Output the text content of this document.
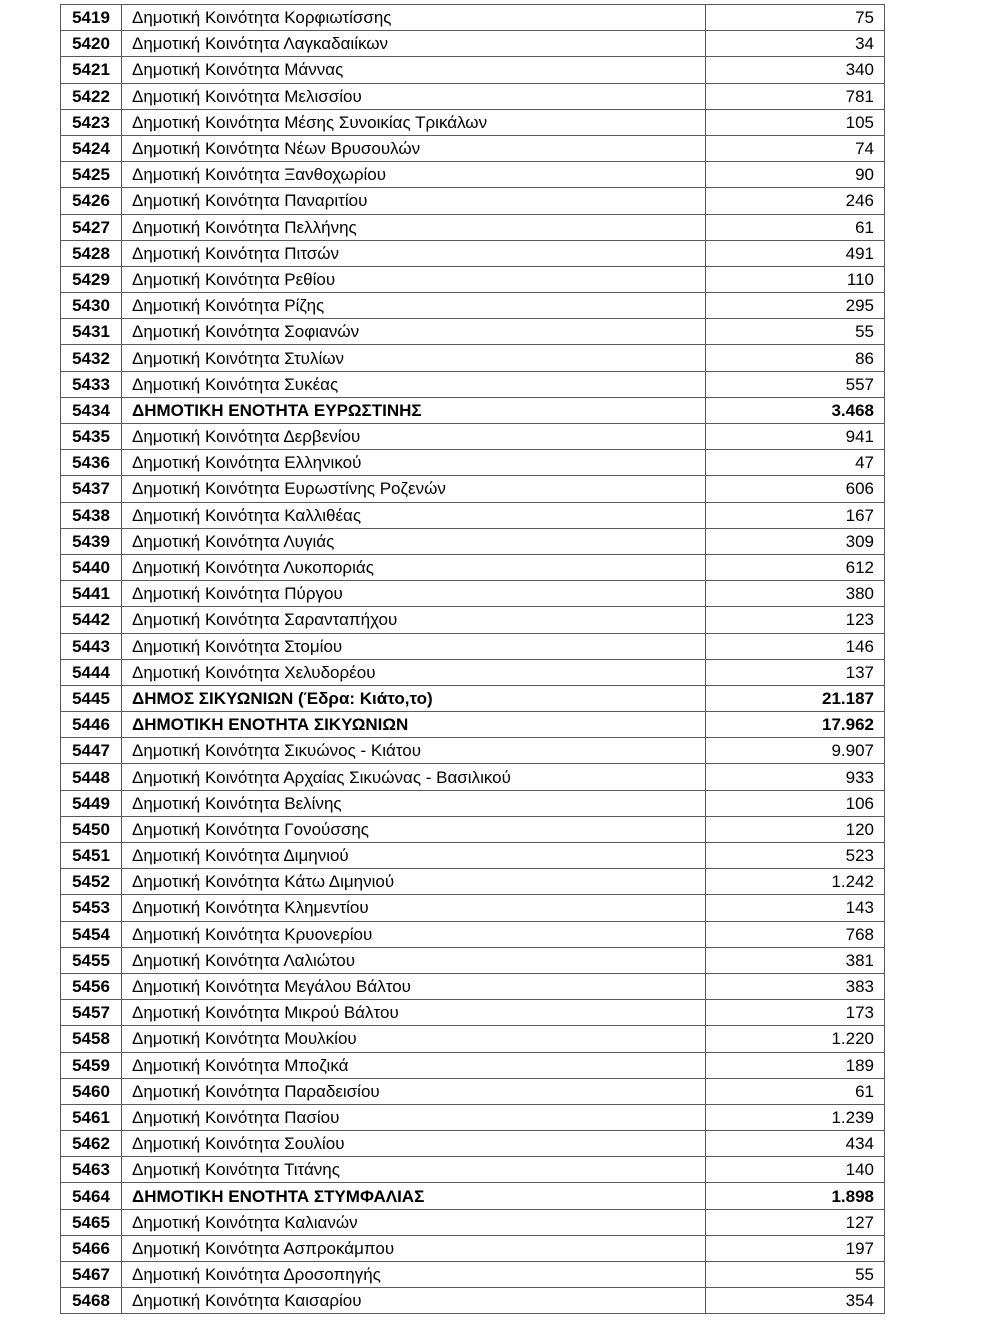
5419	Δημοτική Κοινότητα Κορφιωτίσσης	75
5420	Δημοτική Κοινότητα Λαγκαδαιίκων	34
5421	Δημοτική Κοινότητα Μάννας	340
5422	Δημοτική Κοινότητα Μελισσίου	781
5423	Δημοτική Κοινότητα Μέσης Συνοικίας Τρικάλων	105
5424	Δημοτική Κοινότητα Νέων Βρυσουλών	74
5425	Δημοτική Κοινότητα Ξανθοχωρίου	90
5426	Δημοτική Κοινότητα Παναριτίου	246
5427	Δημοτική Κοινότητα Πελλήνης	61
5428	Δημοτική Κοινότητα Πιτσών	491
5429	Δημοτική Κοινότητα Ρεθίου	110
5430	Δημοτική Κοινότητα Ρίζης	295
5431	Δημοτική Κοινότητα Σοφιανών	55
5432	Δημοτική Κοινότητα Στυλίων	86
5433	Δημοτική Κοινότητα Συκέας	557
5434	ΔΗΜΟΤΙΚΗ ΕΝΟΤΗΤΑ ΕΥΡΩΣΤΙΝΗΣ	3.468
5435	Δημοτική Κοινότητα Δερβενίου	941
5436	Δημοτική Κοινότητα Ελληνικού	47
5437	Δημοτική Κοινότητα Ευρωστίνης Ροζενών	606
5438	Δημοτική Κοινότητα Καλλιθέας	167
5439	Δημοτική Κοινότητα Λυγιάς	309
5440	Δημοτική Κοινότητα Λυκοποριάς	612
5441	Δημοτική Κοινότητα Πύργου	380
5442	Δημοτική Κοινότητα Σαρανταπήχου	123
5443	Δημοτική Κοινότητα Στομίου	146
5444	Δημοτική Κοινότητα Χελυδορέου	137
5445	ΔΗΜΟΣ ΣΙΚΥΩΝΙΩΝ (Έδρα: Κιάτο,το)	21.187
5446	ΔΗΜΟΤΙΚΗ ΕΝΟΤΗΤΑ ΣΙΚΥΩΝΙΩΝ	17.962
5447	Δημοτική Κοινότητα Σικυώνος - Κιάτου	9.907
5448	Δημοτική Κοινότητα Αρχαίας Σικυώνας - Βασιλικού	933
5449	Δημοτική Κοινότητα Βελίνης	106
5450	Δημοτική Κοινότητα Γονούσσης	120
5451	Δημοτική Κοινότητα Διμηνιού	523
5452	Δημοτική Κοινότητα Κάτω Διμηνιού	1.242
5453	Δημοτική Κοινότητα Κλημεντίου	143
5454	Δημοτική Κοινότητα Κρυονερίου	768
5455	Δημοτική Κοινότητα Λαλιώτου	381
5456	Δημοτική Κοινότητα Μεγάλου Βάλτου	383
5457	Δημοτική Κοινότητα Μικρού Βάλτου	173
5458	Δημοτική Κοινότητα Μουλκίου	1.220
5459	Δημοτική Κοινότητα Μποζικά	189
5460	Δημοτική Κοινότητα Παραδεισίου	61
5461	Δημοτική Κοινότητα Πασίου	1.239
5462	Δημοτική Κοινότητα Σουλίου	434
5463	Δημοτική Κοινότητα Τιτάνης	140
5464	ΔΗΜΟΤΙΚΗ ΕΝΟΤΗΤΑ ΣΤΥΜΦΑΛΙΑΣ	1.898
5465	Δημοτική Κοινότητα Καλιανών	127
5466	Δημοτική Κοινότητα Ασπροκάμπου	197
5467	Δημοτική Κοινότητα Δροσοπηγής	55
5468	Δημοτική Κοινότητα Καισαρίου	354
